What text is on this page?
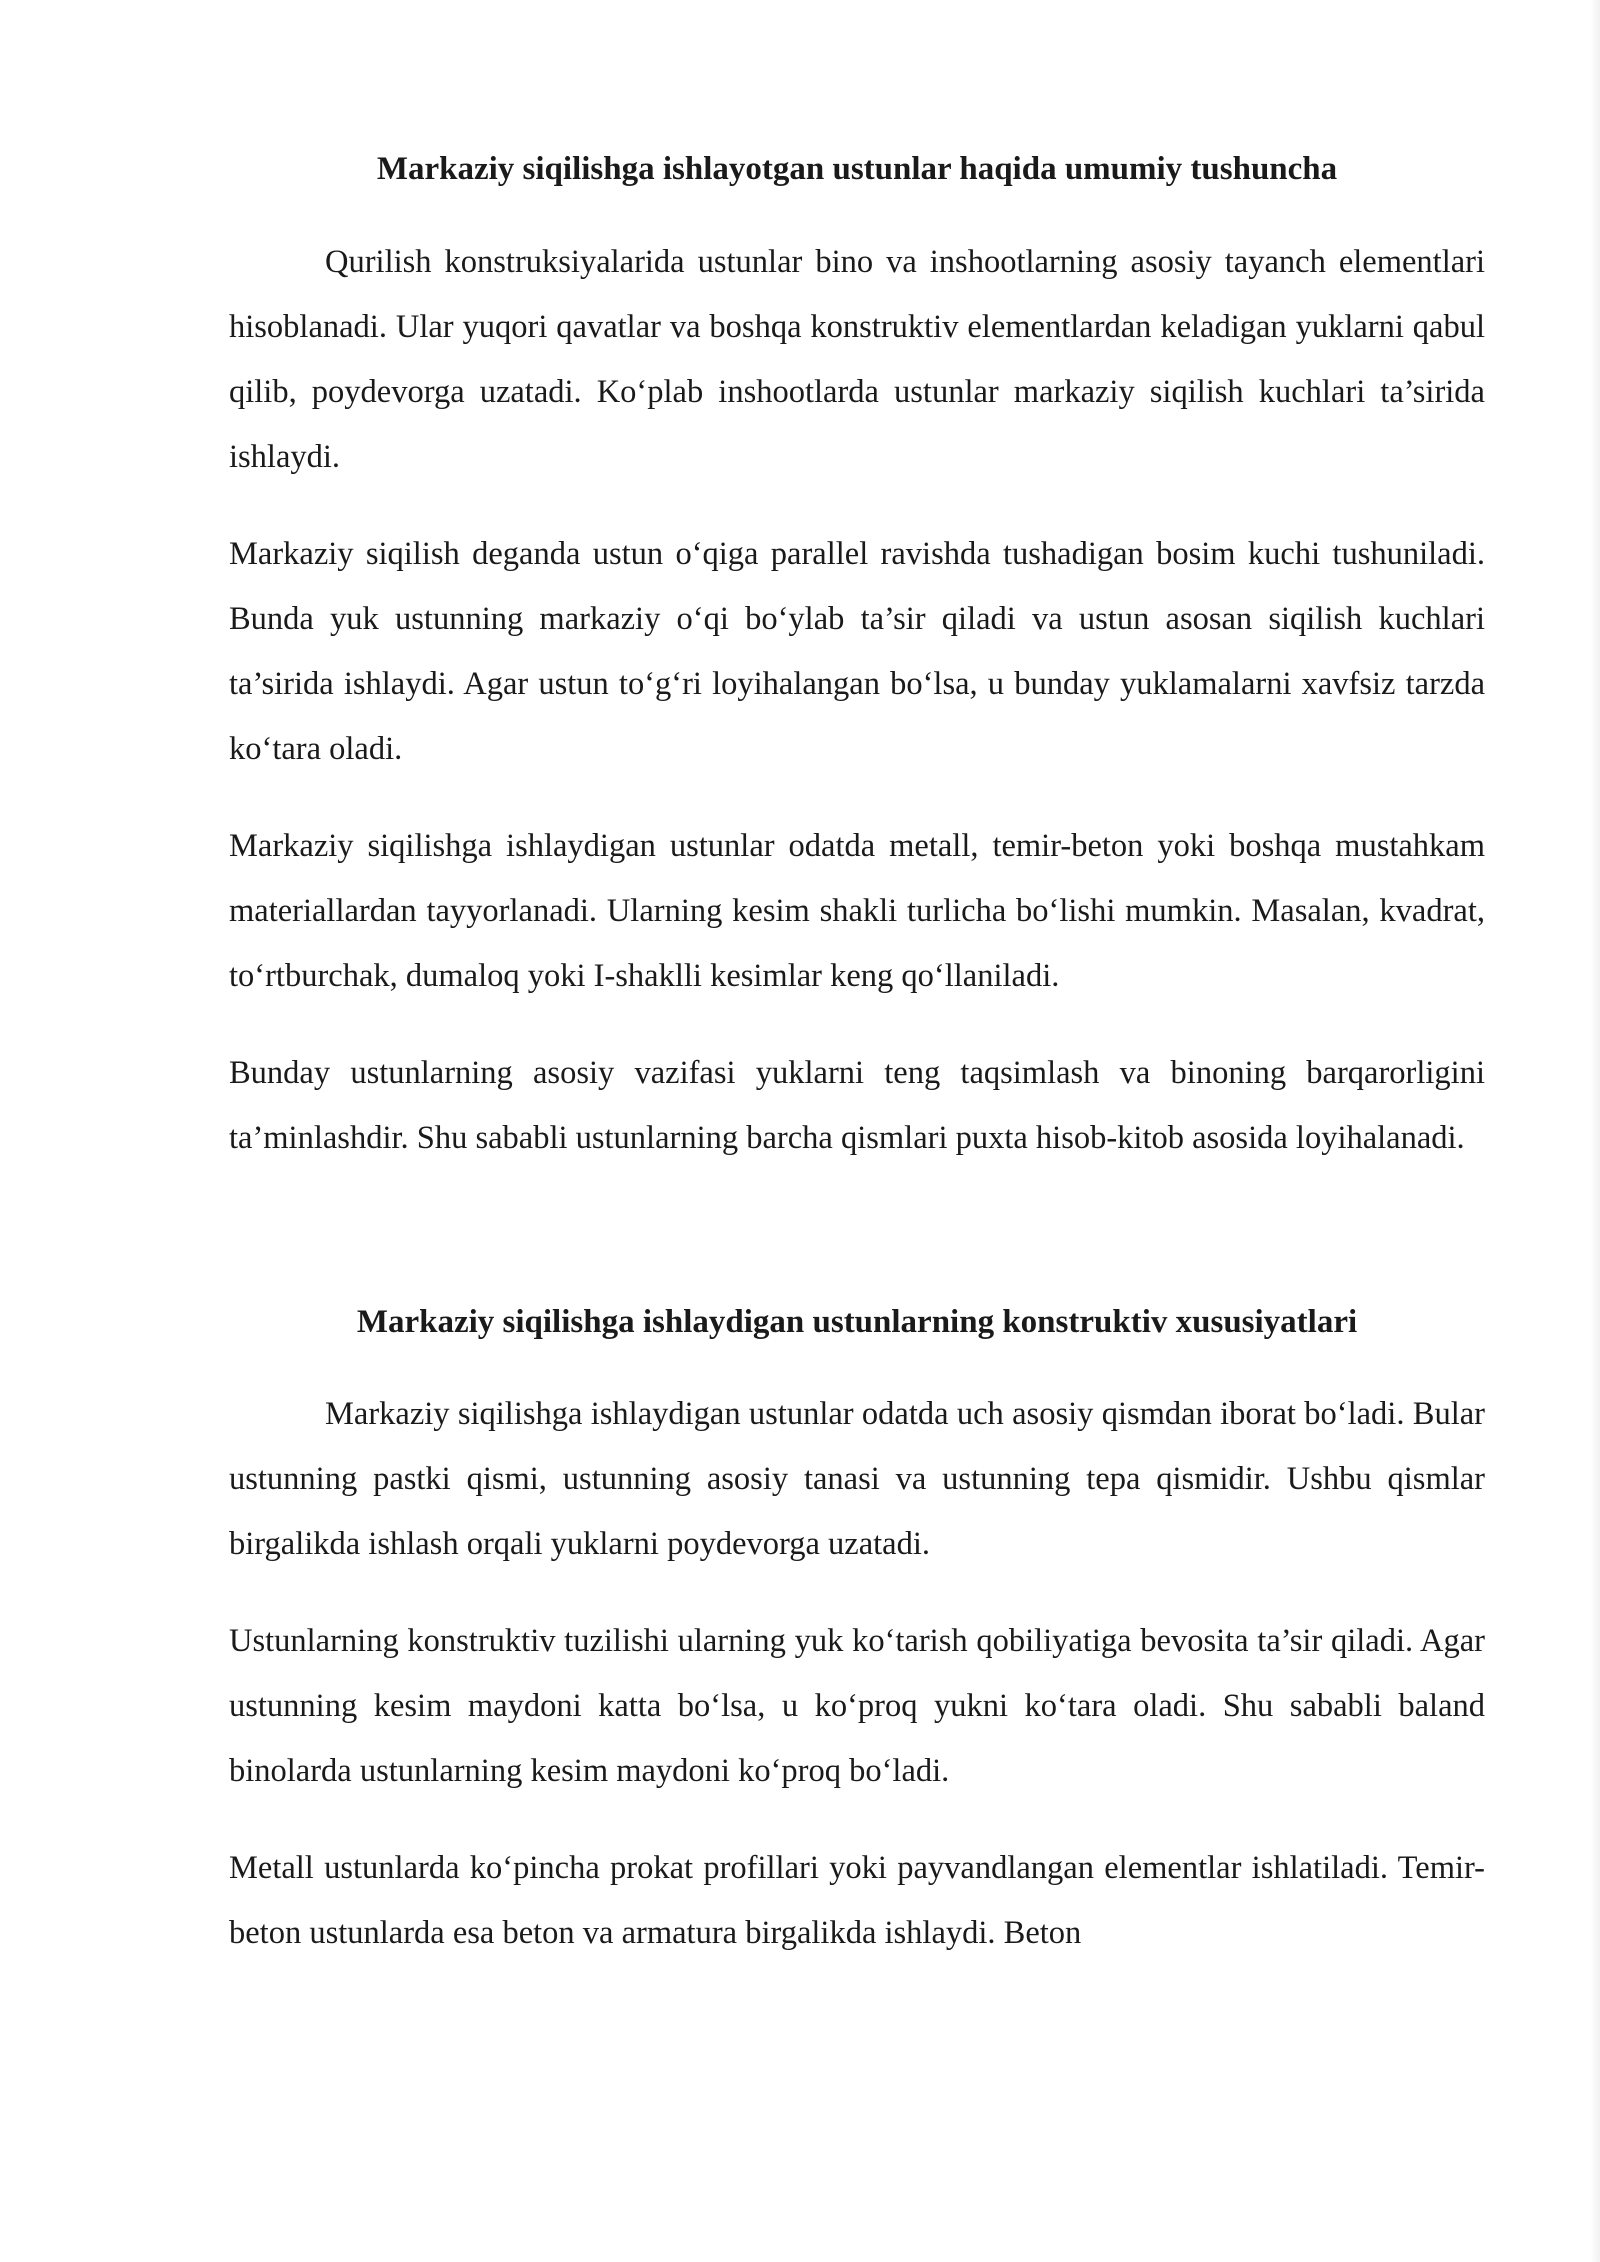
Markaziy siqilishga ishlayotgan ustunlar haqida umumiy tushuncha

Qurilish konstruksiyalarida ustunlar bino va inshootlarning asosiy tayanch elementlari hisoblanadi. Ular yuqori qavatlar va boshqa konstruktiv elementlardan keladigan yuklarni qabul qilib, poydevorga uzatadi. Ko‘plab inshootlarda ustunlar markaziy siqilish kuchlari ta’sirida ishlaydi.

Markaziy siqilish deganda ustun o‘qiga parallel ravishda tushadigan bosim kuchi tushuniladi. Bunda yuk ustunning markaziy o‘qi bo‘ylab ta’sir qiladi va ustun asosan siqilish kuchlari ta’sirida ishlaydi. Agar ustun to‘g‘ri loyihalangan bo‘lsa, u bunday yuklamalarni xavfsiz tarzda ko‘tara oladi.

Markaziy siqilishga ishlaydigan ustunlar odatda metall, temir-beton yoki boshqa mustahkam materiallardan tayyorlanadi. Ularning kesim shakli turlicha bo‘lishi mumkin. Masalan, kvadrat, to‘rtburchak, dumaloq yoki I-shaklli kesimlar keng qo‘llaniladi.

Bunday ustunlarning asosiy vazifasi yuklarni teng taqsimlash va binoning barqarorligini ta’minlashdir. Shu sababli ustunlarning barcha qismlari puxta hisob-kitob asosida loyihalanadi.

Markaziy siqilishga ishlaydigan ustunlarning konstruktiv xususiyatlari

Markaziy siqilishga ishlaydigan ustunlar odatda uch asosiy qismdan iborat bo‘ladi. Bular ustunning pastki qismi, ustunning asosiy tanasi va ustunning tepa qismidir. Ushbu qismlar birgalikda ishlash orqali yuklarni poydevorga uzatadi.

Ustunlarning konstruktiv tuzilishi ularning yuk ko‘tarish qobiliyatiga bevosita ta’sir qiladi. Agar ustunning kesim maydoni katta bo‘lsa, u ko‘proq yukni ko‘tara oladi. Shu sababli baland binolarda ustunlarning kesim maydoni ko‘proq bo‘ladi.

Metall ustunlarda ko‘pincha prokat profillari yoki payvandlangan elementlar ishlatiladi. Temir-beton ustunlarda esa beton va armatura birgalikda ishlaydi. Beton
